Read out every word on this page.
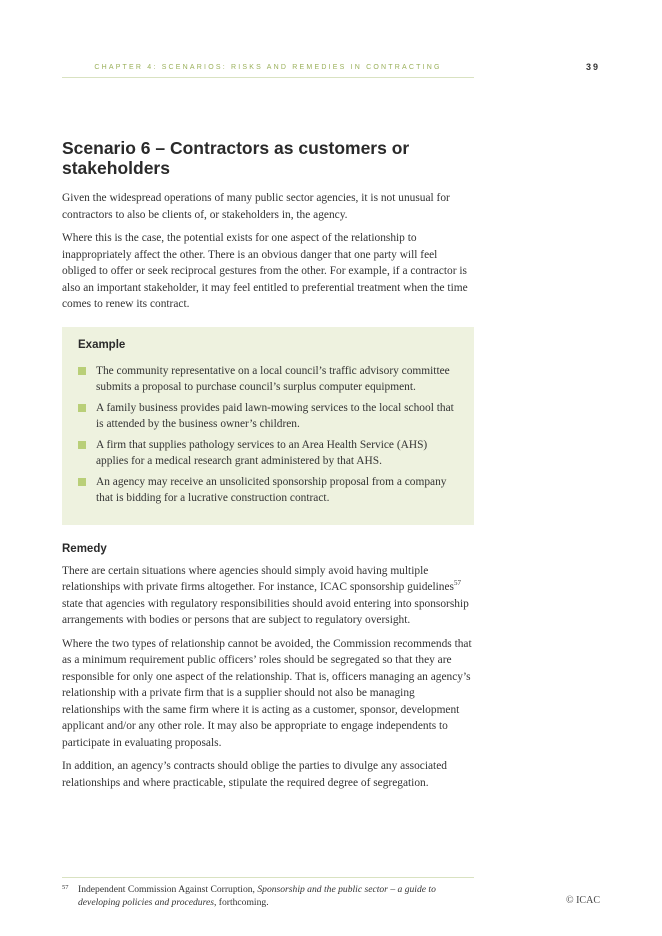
CHAPTER 4: SCENARIOS: RISKS AND REMEDIES IN CONTRACTING	39
Scenario 6 – Contractors as customers or stakeholders

Given the widespread operations of many public sector agencies, it is not unusual for contractors to also be clients of, or stakeholders in, the agency.

Where this is the case, the potential exists for one aspect of the relationship to inappropriately affect the other. There is an obvious danger that one party will feel obliged to offer or seek reciprocal gestures from the other. For example, if a contractor is also an important stakeholder, it may feel entitled to preferential treatment when the time comes to renew its contract.

Example
The community representative on a local council’s traffic advisory committee submits a proposal to purchase council’s surplus computer equipment.
A family business provides paid lawn-mowing services to the local school that is attended by the business owner’s children.
A firm that supplies pathology services to an Area Health Service (AHS) applies for a medical research grant administered by that AHS.
An agency may receive an unsolicited sponsorship proposal from a company that is bidding for a lucrative construction contract.
Remedy

There are certain situations where agencies should simply avoid having multiple relationships with private firms altogether. For instance, ICAC sponsorship guidelines$^{57}$ state that agencies with regulatory responsibilities should avoid entering into sponsorship arrangements with bodies or persons that are subject to regulatory oversight.

Where the two types of relationship cannot be avoided, the Commission recommends that as a minimum requirement public officers’ roles should be segregated so that they are responsible for only one aspect of the relationship. That is, officers managing an agency’s relationship with a private firm that is a supplier should not also be managing relationships with the same firm where it is acting as a customer, sponsor, development applicant and/or any other role. It may also be appropriate to engage independents to participate in evaluating proposals.

In addition, an agency’s contracts should oblige the parties to divulge any associated relationships and where practicable, stipulate the required degree of segregation.

57 Independent Commission Against Corruption, Sponsorship and the public sector – a guide to developing policies and procedures, forthcoming.	© ICAC
